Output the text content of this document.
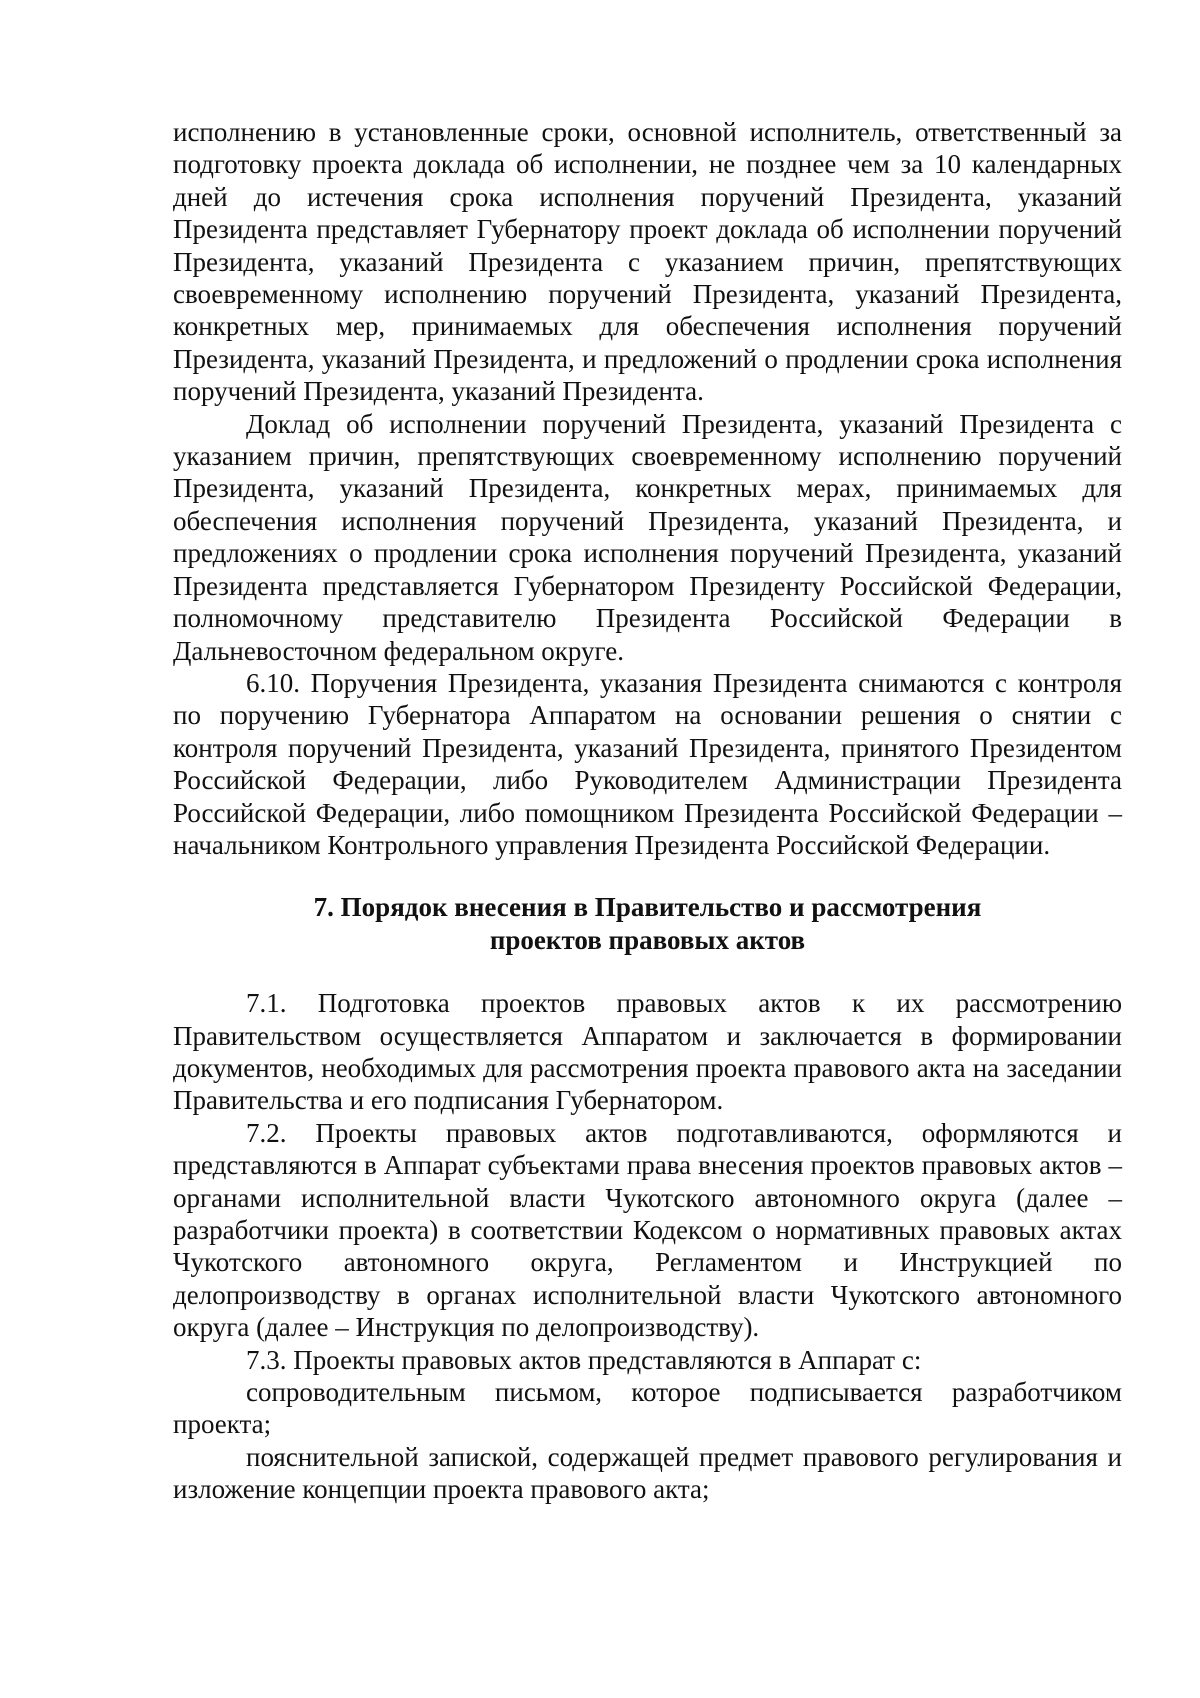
исполнению в установленные сроки, основной исполнитель, ответственный за подготовку проекта доклада об исполнении, не позднее чем за 10 календарных дней до истечения срока исполнения поручений Президента, указаний Президента представляет Губернатору проект доклада об исполнении поручений Президента, указаний Президента с указанием причин, препятствующих своевременному исполнению поручений Президента, указаний Президента, конкретных мер, принимаемых для обеспечения исполнения поручений Президента, указаний Президента, и предложений о продлении срока исполнения поручений Президента, указаний Президента.

Доклад об исполнении поручений Президента, указаний Президента с указанием причин, препятствующих своевременному исполнению поручений Президента, указаний Президента, конкретных мерах, принимаемых для обеспечения исполнения поручений Президента, указаний Президента, и предложениях о продлении срока исполнения поручений Президента, указаний Президента представляется Губернатором Президенту Российской Федерации, полномочному представителю Президента Российской Федерации в Дальневосточном федеральном округе.

6.10. Поручения Президента, указания Президента снимаются с контроля по поручению Губернатора Аппаратом на основании решения о снятии с контроля поручений Президента, указаний Президента, принятого Президентом Российской Федерации, либо Руководителем Администрации Президента Российской Федерации, либо помощником Президента Российской Федерации – начальником Контрольного управления Президента Российской Федерации.

7. Порядок внесения в Правительство и рассмотрения
проектов правовых актов

7.1. Подготовка проектов правовых актов к их рассмотрению Правительством осуществляется Аппаратом и заключается в формировании документов, необходимых для рассмотрения проекта правового акта на заседании Правительства и его подписания Губернатором.

7.2. Проекты правовых актов подготавливаются, оформляются и представляются в Аппарат субъектами права внесения проектов правовых актов – органами исполнительной власти Чукотского автономного округа (далее – разработчики проекта) в соответствии Кодексом о нормативных правовых актах Чукотского автономного округа, Регламентом и Инструкцией по делопроизводству в органах исполнительной власти Чукотского автономного округа (далее – Инструкция по делопроизводству).

7.3. Проекты правовых актов представляются в Аппарат с:

сопроводительным письмом, которое подписывается разработчиком проекта;

пояснительной запиской, содержащей предмет правового регулирования и изложение концепции проекта правового акта;
